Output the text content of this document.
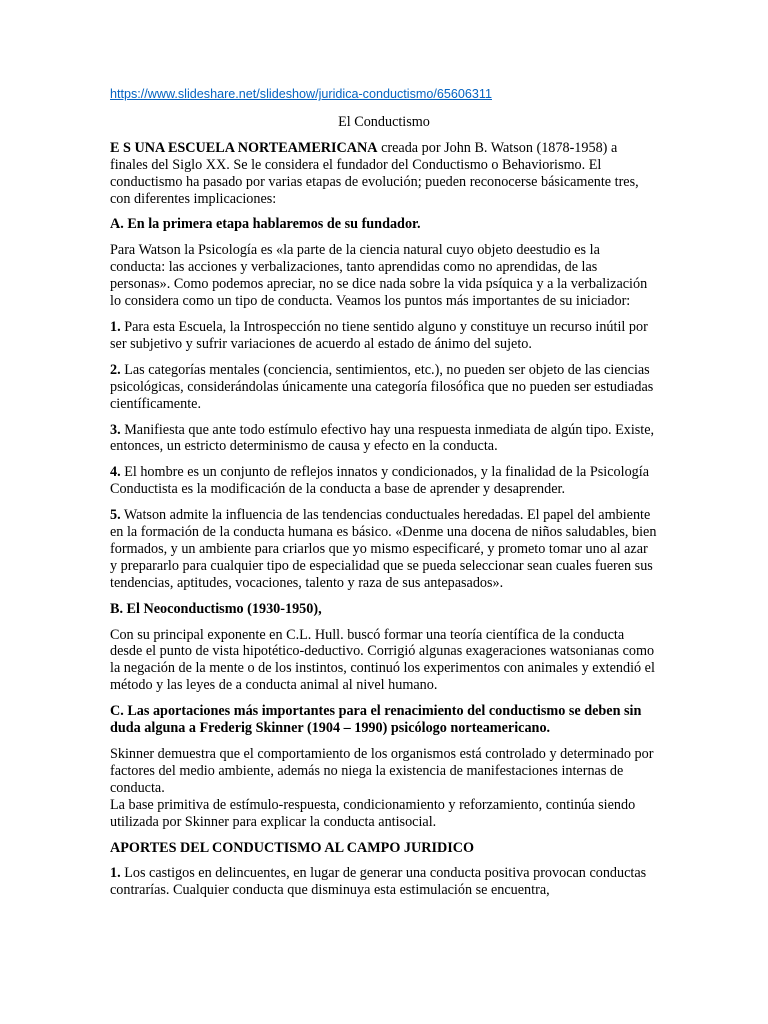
https://www.slideshare.net/slideshow/juridica-conductismo/65606311

El Conductismo

E S UNA ESCUELA NORTEAMERICANA creada por John B. Watson (1878-1958) a finales del Siglo XX. Se le considera el fundador del Conductismo o Behaviorismo. El conductismo ha pasado por varias etapas de evolución; pueden reconocerse básicamente tres, con diferentes implicaciones:

A. En la primera etapa hablaremos de su fundador.

Para Watson la Psicología es «la parte de la ciencia natural cuyo objeto deestudio es la conducta: las acciones y verbalizaciones, tanto aprendidas como no aprendidas, de las personas». Como podemos apreciar, no se dice nada sobre la vida psíquica y a la verbalización lo considera como un tipo de conducta. Veamos los puntos más importantes de su iniciador:

1. Para esta Escuela, la Introspección no tiene sentido alguno y constituye un recurso inútil por ser subjetivo y sufrir variaciones de acuerdo al estado de ánimo del sujeto.

2. Las categorías mentales (conciencia, sentimientos, etc.), no pueden ser objeto de las ciencias psicológicas, considerándolas únicamente una categoría filosófica que no pueden ser estudiadas científicamente.

3. Manifiesta que ante todo estímulo efectivo hay una respuesta inmediata de algún tipo. Existe, entonces, un estricto determinismo de causa y efecto en la conducta.

4. El hombre es un conjunto de reflejos innatos y condicionados, y la finalidad de la Psicología Conductista es la modificación de la conducta a base de aprender y desaprender.

5. Watson admite la influencia de las tendencias conductuales heredadas. El papel del ambiente en la formación de la conducta humana es básico. «Denme una docena de niños saludables, bien formados, y un ambiente para criarlos que yo mismo especificaré, y prometo tomar uno al azar y prepararlo para cualquier tipo de especialidad que se pueda seleccionar sean cuales fueren sus tendencias, aptitudes, vocaciones, talento y raza de sus antepasados».

B. El Neoconductismo (1930-1950),

Con su principal exponente en C.L. Hull. buscó formar una teoría científica de la conducta desde el punto de vista hipotético-deductivo. Corrigió algunas exageraciones watsonianas como la negación de la mente o de los instintos, continuó los experimentos con animales y extendió el método y las leyes de a conducta animal al nivel humano.

C. Las aportaciones más importantes para el renacimiento del conductismo se deben sin duda alguna a Frederig Skinner (1904 – 1990) psicólogo norteamericano.

Skinner demuestra que el comportamiento de los organismos está controlado y determinado por factores del medio ambiente, además no niega la existencia de manifestaciones internas de conducta.
La base primitiva de estímulo-respuesta, condicionamiento y reforzamiento, continúa siendo utilizada por Skinner para explicar la conducta antisocial.

APORTES DEL CONDUCTISMO AL CAMPO JURIDICO

1. Los castigos en delincuentes, en lugar de generar una conducta positiva provocan conductas contrarías. Cualquier conducta que disminuya esta estimulación se encuentra,
